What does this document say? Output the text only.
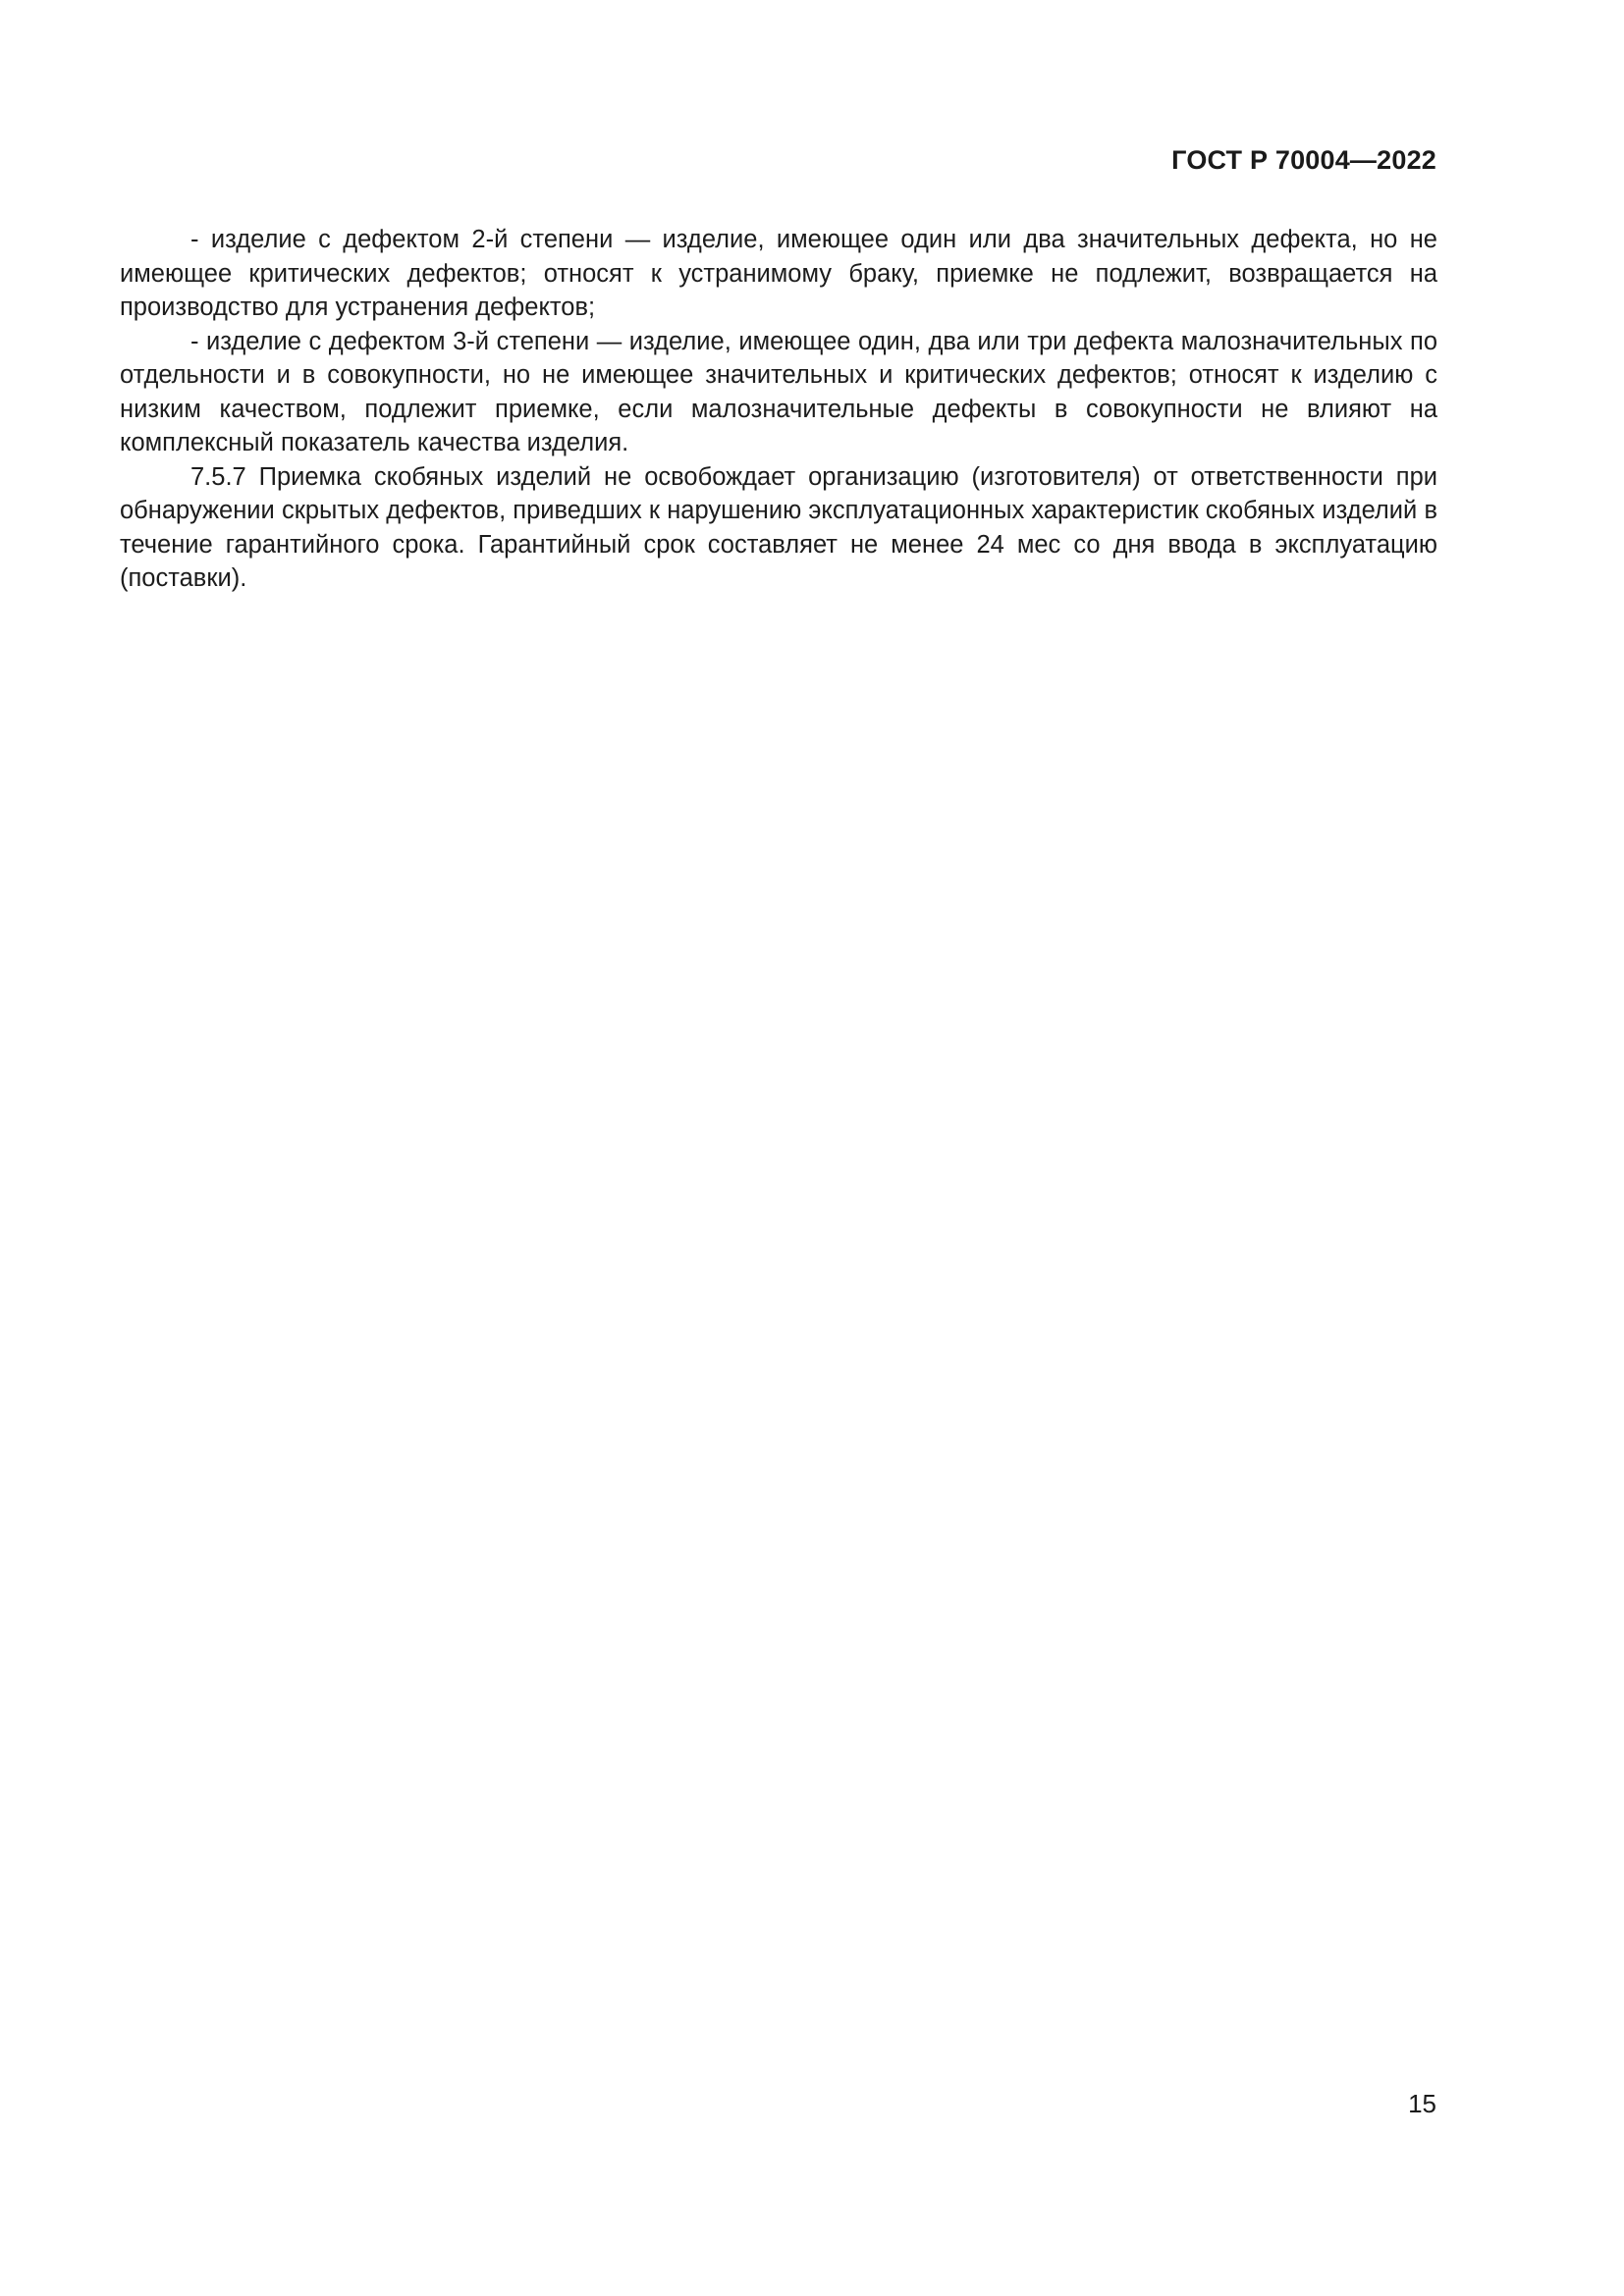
ГОСТ Р 70004—2022

- изделие с дефектом 2-й степени — изделие, имеющее один или два значительных дефекта, но не имеющее критических дефектов; относят к устранимому браку, приемке не подлежит, возвращается на производство для устранения дефектов;

- изделие с дефектом 3-й степени — изделие, имеющее один, два или три дефекта малозначительных по отдельности и в совокупности, но не имеющее значительных и критических дефектов; относят к изделию с низким качеством, подлежит приемке, если малозначительные дефекты в совокупности не влияют на комплексный показатель качества изделия.

7.5.7 Приемка скобяных изделий не освобождает организацию (изготовителя) от ответственности при обнаружении скрытых дефектов, приведших к нарушению эксплуатационных характеристик скобяных изделий в течение гарантийного срока. Гарантийный срок составляет не менее 24 мес со дня ввода в эксплуатацию (поставки).

15
